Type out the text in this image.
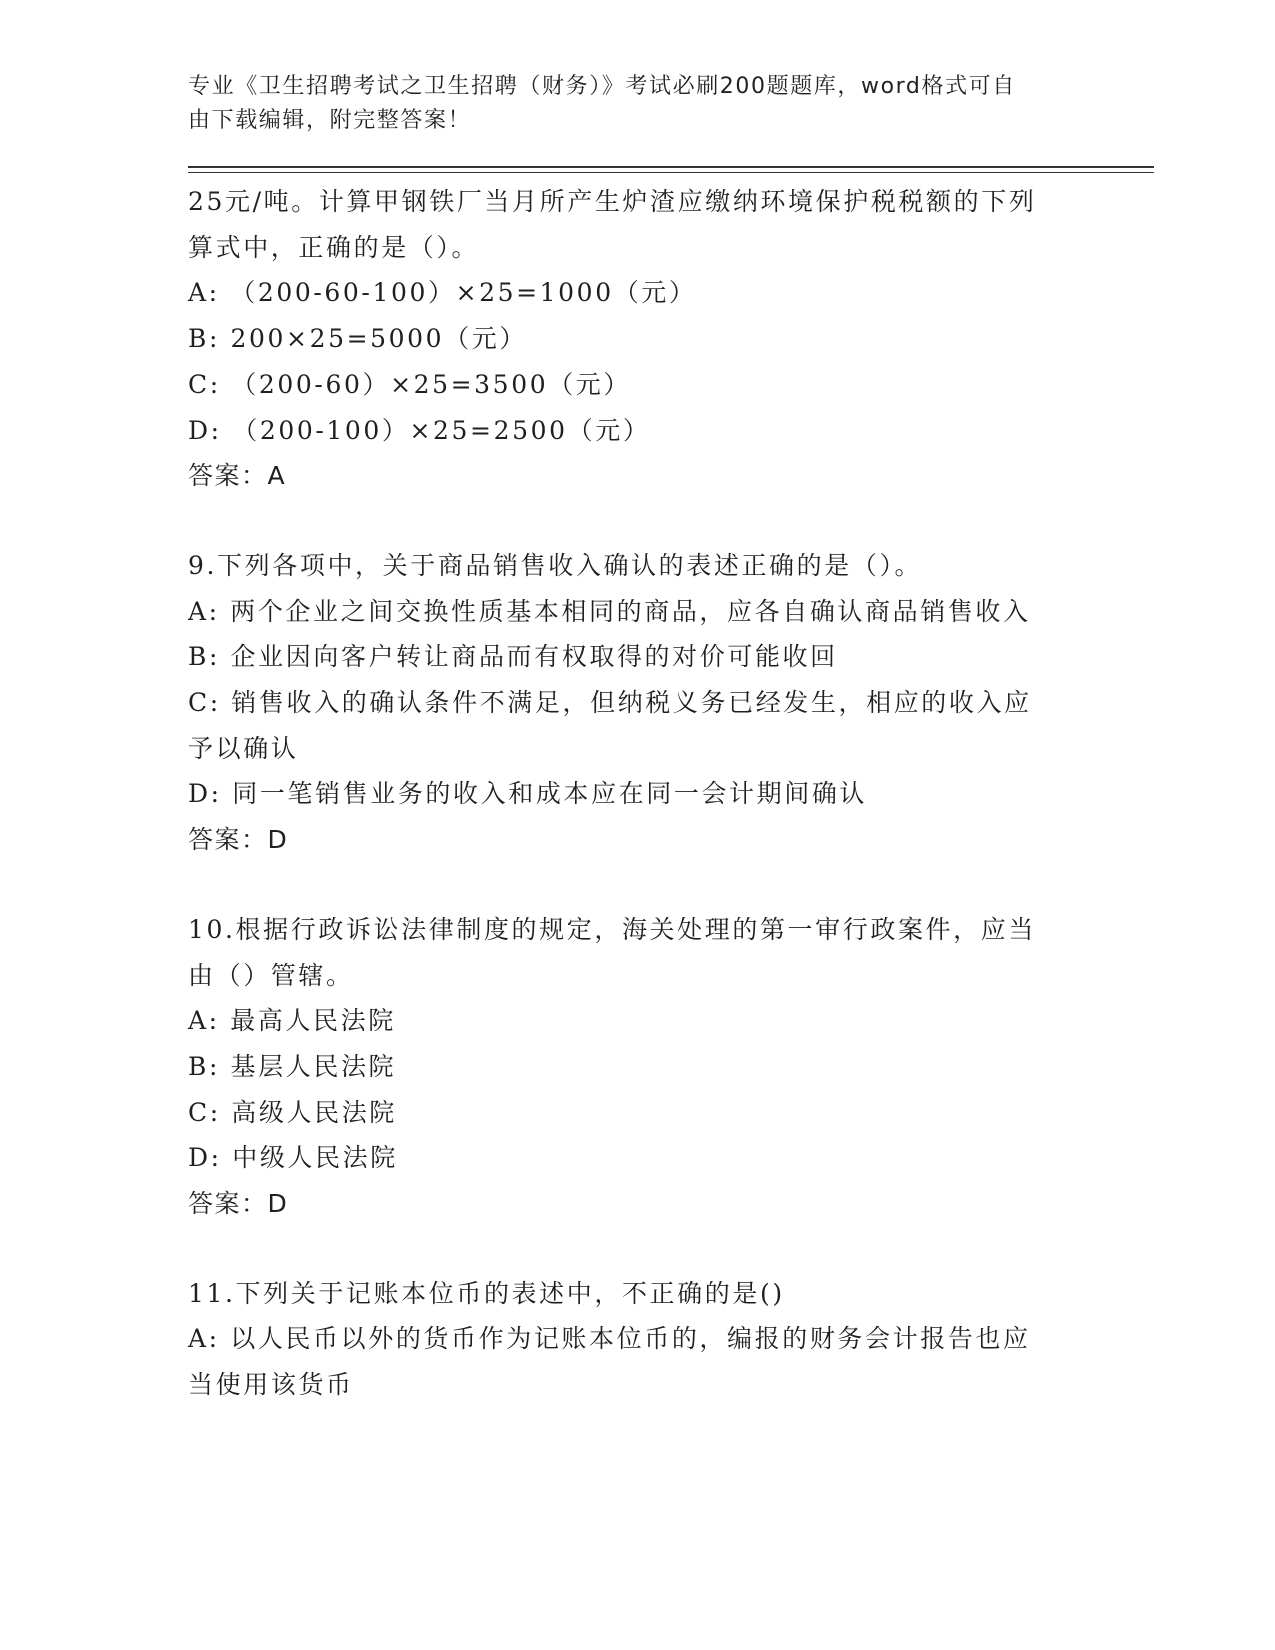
专业《卫生招聘考试之卫生招聘（财务）》考试必刷200题题库，word格式可自
由下载编辑，附完整答案！
25元/吨。计算甲钢铁厂当月所产生炉渣应缴纳环境保护税税额的下列
算式中，正确的是（）。
A: （200-60-100）×25=1000（元）
B: 200×25=5000（元）
C: （200-60）×25=3500（元）
D: （200-100）×25=2500（元）
答案：A
9.下列各项中，关于商品销售收入确认的表述正确的是（）。
A: 两个企业之间交换性质基本相同的商品，应各自确认商品销售收入
B: 企业因向客户转让商品而有权取得的对价可能收回
C: 销售收入的确认条件不满足，但纳税义务已经发生，相应的收入应
予以确认
D: 同一笔销售业务的收入和成本应在同一会计期间确认
答案：D
10.根据行政诉讼法律制度的规定，海关处理的第一审行政案件，应当
由（）管辖。
A: 最高人民法院
B: 基层人民法院
C: 高级人民法院
D: 中级人民法院
答案：D
11.下列关于记账本位币的表述中，不正确的是()
A: 以人民币以外的货币作为记账本位币的，编报的财务会计报告也应
当使用该货币
